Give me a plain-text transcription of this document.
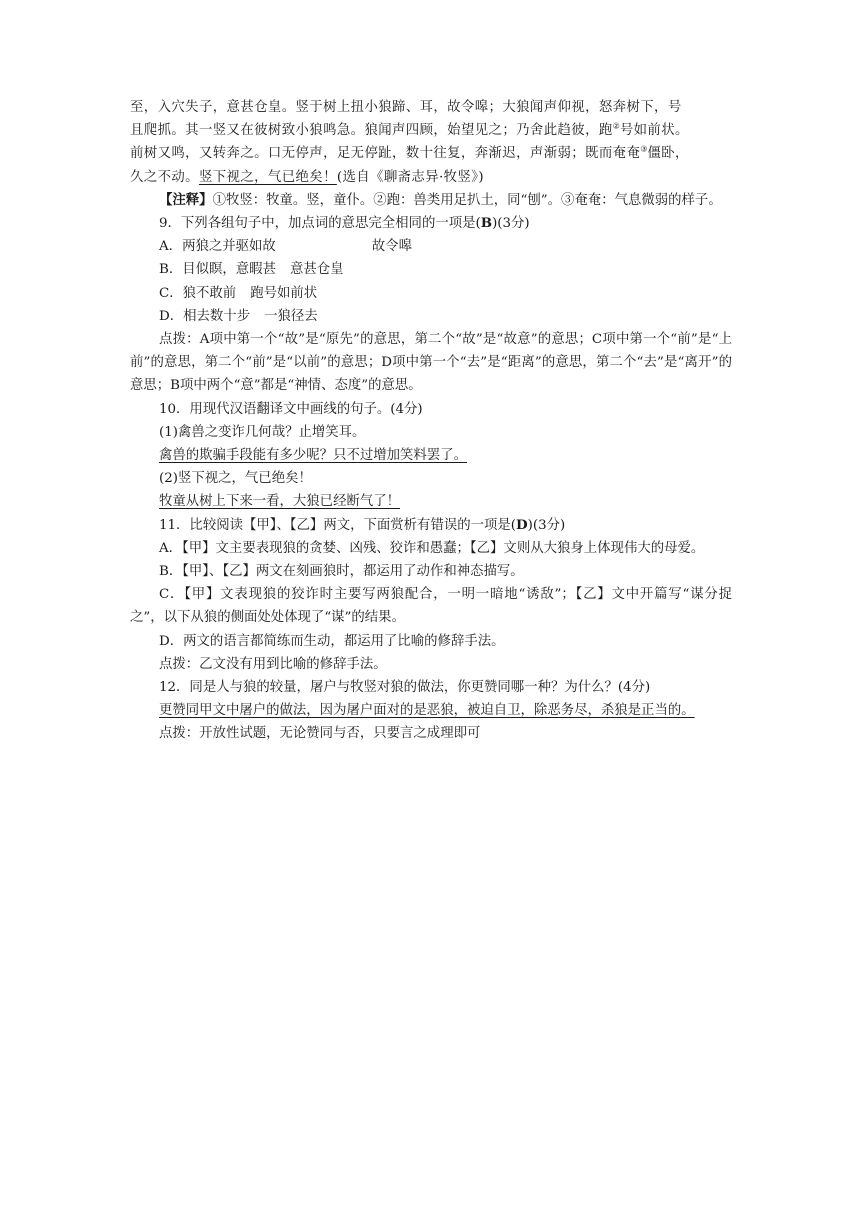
至，入穴失子，意甚仓皇。竖于树上扭小狼蹄、耳，故令嗥；大狼闻声仰视，怒奔树下，号

且爬抓。其一竖又在彼树致小狼鸣急。狼闻声四顾，始望见之；乃舍此趋彼，跑②号如前状。

前树又鸣，又转奔之。口无停声，足无停趾，数十往复，奔渐迟，声渐弱；既而奄奄③僵卧，

久之不动。竖下视之，气已绝矣！(选自《聊斋志异·牧竖》)

【注释】①牧竖：牧童。竖，童仆。②跑：兽类用足扒土，同“刨”。③奄奄：气息微弱的样子。

9．下列各组句子中，加点词的意思完全相同的一项是(B)(3分)

A．两狼之并驱如故	故令嗥

B．目似瞑，意暇甚 意甚仓皇

C．狼不敢前 跑号如前状

D．相去数十步 一狼径去

点拨：A项中第一个“故”是“原先”的意思，第二个“故”是“故意”的意思；C项中第一个“前”是“上前”的意思，第二个“前”是“以前”的意思；D项中第一个“去”是“距离”的意思，第二个“去”是“离开”的意思；B项中两个“意”都是“神情、态度”的意思。

10．用现代汉语翻译文中画线的句子。(4分)

(1)禽兽之变诈几何哉？止增笑耳。

禽兽的欺骗手段能有多少呢？只不过增加笑料罢了。

(2)竖下视之，气已绝矣！

牧童从树上下来一看，大狼已经断气了！

11．比较阅读【甲】、【乙】两文，下面赏析有错误的一项是(D)(3分)

A．【甲】文主要表现狼的贪婪、凶残、狡诈和愚蠢；【乙】文则从大狼身上体现伟大的母爱。

B．【甲】、【乙】两文在刻画狼时，都运用了动作和神态描写。

C．【甲】文表现狼的狡诈时主要写两狼配合，一明一暗地“诱敌”；【乙】文中开篇写“谋分捉之”，以下从狼的侧面处处体现了“谋”的结果。

D．两文的语言都简练而生动，都运用了比喻的修辞手法。

点拨：乙文没有用到比喻的修辞手法。

12．同是人与狼的较量，屠户与牧竖对狼的做法，你更赞同哪一种？为什么？(4分)

更赞同甲文中屠户的做法，因为屠户面对的是恶狼，被迫自卫，除恶务尽，杀狼是正当的。

点拨：开放性试题，无论赞同与否，只要言之成理即可
